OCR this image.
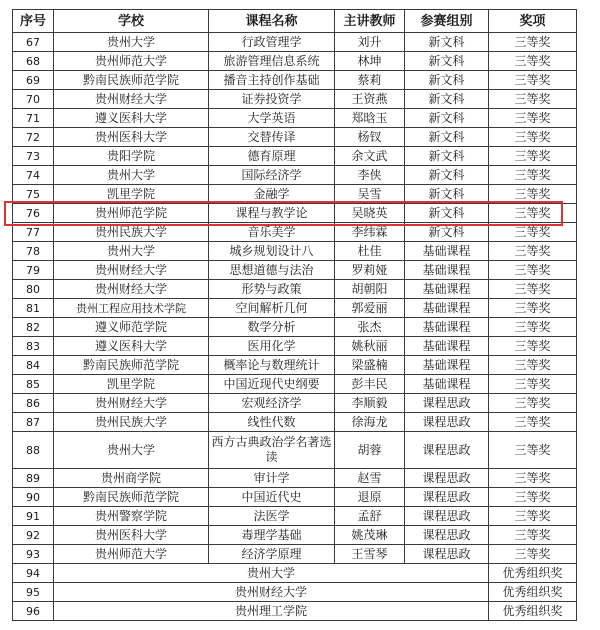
序号	学校	课程名称	主讲教师	参赛组别	奖项
67	贵州大学	行政管理学	刘升	新文科	三等奖
68	贵州师范大学	旅游管理信息系统	林坤	新文科	三等奖
69	黔南民族师范学院	播音主持创作基础	蔡莉	新文科	三等奖
70	贵州财经大学	证券投资学	王资燕	新文科	三等奖
71	遵义医科大学	大学英语	郑晗玉	新文科	三等奖
72	贵州医科大学	交替传译	杨钗	新文科	三等奖
73	贵阳学院	德育原理	余文武	新文科	三等奖
74	贵州大学	国际经济学	李侠	新文科	三等奖
75	凯里学院	金融学	吴雪	新文科	三等奖
76	贵州师范学院	课程与教学论	吴晓英	新文科	三等奖
77	贵州民族大学	音乐美学	李纬霖	新文科	三等奖
78	贵州大学	城乡规划设计八	杜佳	基础课程	三等奖
79	贵州财经大学	思想道德与法治	罗莉娅	基础课程	三等奖
80	贵州财经大学	形势与政策	胡朝阳	基础课程	三等奖
81	贵州工程应用技术学院	空间解析几何	郭爱丽	基础课程	三等奖
82	遵义师范学院	数学分析	张杰	基础课程	三等奖
83	遵义医科大学	医用化学	姚秋丽	基础课程	三等奖
84	黔南民族师范学院	概率论与数理统计	梁盛楠	基础课程	三等奖
85	凯里学院	中国近现代史纲要	彭丰民	基础课程	三等奖
86	贵州财经大学	宏观经济学	李顺毅	课程思政	三等奖
87	贵州民族大学	线性代数	徐海龙	课程思政	三等奖
88	贵州大学	西方古典政治学名著选读	胡蓉	课程思政	三等奖
89	贵州商学院	审计学	赵雪	课程思政	三等奖
90	黔南民族师范学院	中国近代史	退原	课程思政	三等奖
91	贵州警察学院	法医学	孟舒	课程思政	三等奖
92	贵州医科大学	毒理学基础	姚茂琳	课程思政	三等奖
93	贵州师范大学	经济学原理	王雪琴	课程思政	三等奖
94	贵州大学				优秀组织奖
95	贵州财经大学				优秀组织奖
96	贵州理工学院				优秀组织奖
